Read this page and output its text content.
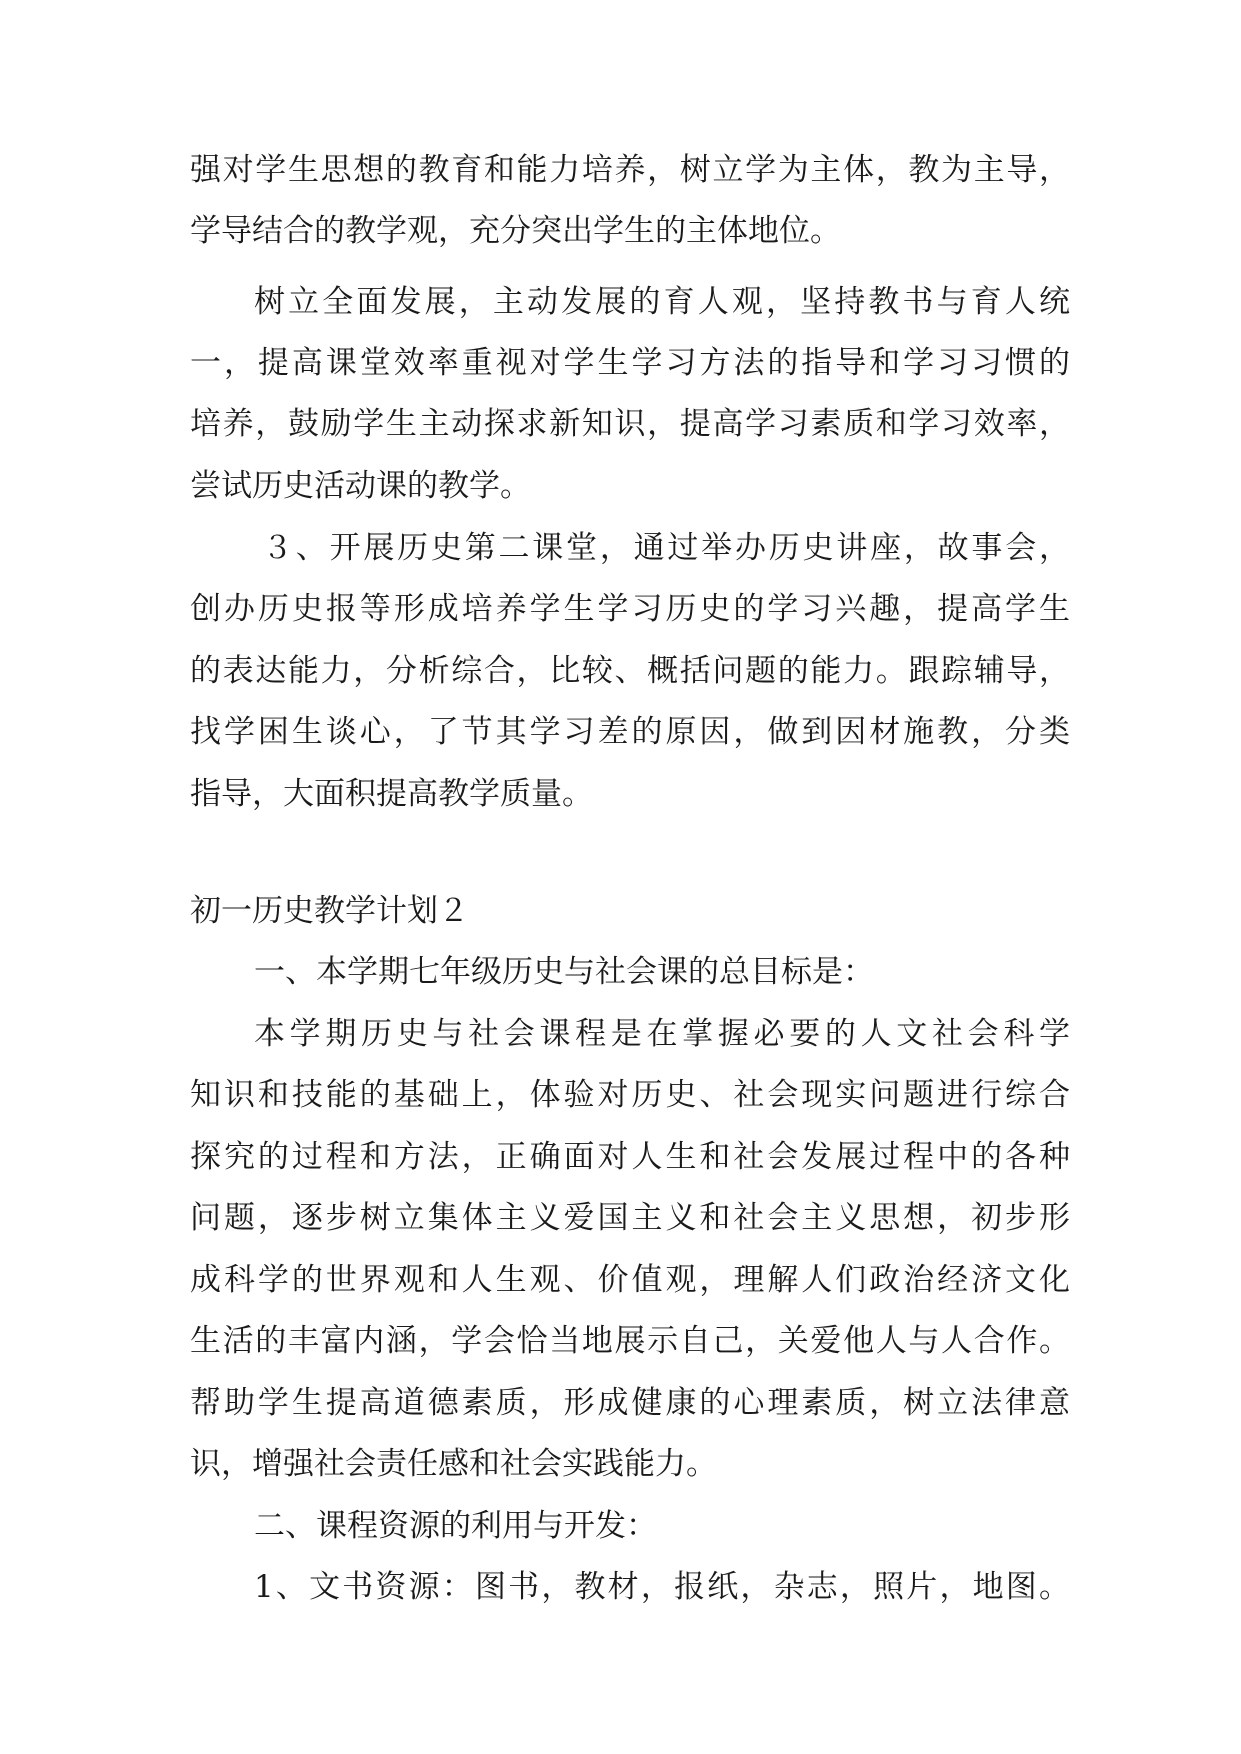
强对学生思想的教育和能力培养，树立学为主体，教为主导，
学导结合的教学观，充分突出学生的主体地位。
树立全面发展，主动发展的育人观，坚持教书与育人统
一，提高课堂效率重视对学生学习方法的指导和学习习惯的
培养，鼓励学生主动探求新知识，提高学习素质和学习效率，
尝试历史活动课的教学。
３、开展历史第二课堂，通过举办历史讲座，故事会，
创办历史报等形成培养学生学习历史的学习兴趣，提高学生
的表达能力，分析综合，比较、概括问题的能力。跟踪辅导，
找学困生谈心，了节其学习差的原因，做到因材施教，分类
指导，大面积提高教学质量。
初一历史教学计划２
一、本学期七年级历史与社会课的总目标是：
本学期历史与社会课程是在掌握必要的人文社会科学
知识和技能的基础上，体验对历史、社会现实问题进行综合
探究的过程和方法，正确面对人生和社会发展过程中的各种
问题，逐步树立集体主义爱国主义和社会主义思想，初步形
成科学的世界观和人生观、价值观，理解人们政治经济文化
生活的丰富内涵，学会恰当地展示自己，关爱他人与人合作。
帮助学生提高道德素质，形成健康的心理素质，树立法律意
识，增强社会责任感和社会实践能力。
二、课程资源的利用与开发：
1、文书资源：图书，教材，报纸，杂志，照片，地图。
